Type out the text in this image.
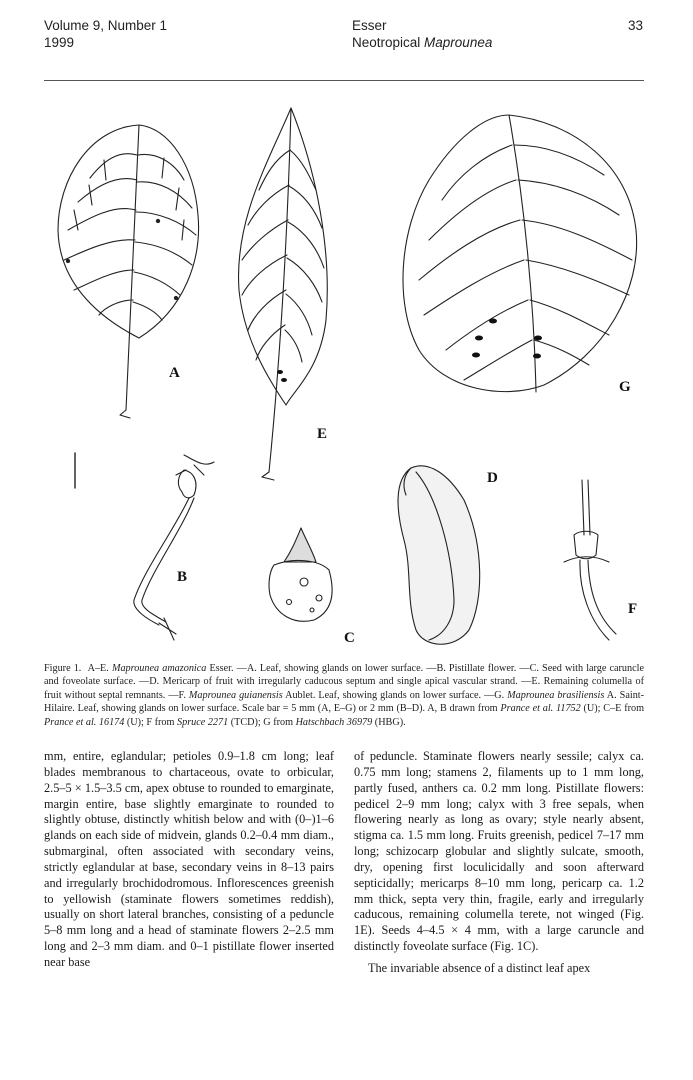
Volume 9, Number 1
1999
Esser
Neotropical Maprounea
33
A
E
G
B
C
D
F
Figure 1.  A–E. Maprounea amazonica Esser. —A. Leaf, showing glands on lower surface. —B. Pistillate flower. —C. Seed with large caruncle and foveolate surface. —D. Mericarp of fruit with irregularly caducous septum and single apical vascular strand. —E. Remaining columella of fruit without septal remnants. —F. Maprounea guianensis Aublet. Leaf, showing glands on lower surface. —G. Maprounea brasiliensis A. Saint-Hilaire. Leaf, showing glands on lower surface. Scale bar = 5 mm (A, E–G) or 2 mm (B–D). A, B drawn from Prance et al. 11752 (U); C–E from Prance et al. 16174 (U); F from Spruce 2271 (TCD); G from Hatschbach 36979 (HBG).

mm, entire, eglandular; petioles 0.9–1.8 cm long; leaf blades membranous to chartaceous, ovate to orbicular, 2.5–5 × 1.5–3.5 cm, apex obtuse to rounded to emarginate, margin entire, base slightly emarginate to rounded to slightly obtuse, distinctly whitish below and with (0–)1–6 glands on each side of midvein, glands 0.2–0.4 mm diam., submarginal, often associated with secondary veins, strictly eglandular at base, secondary veins in 8–13 pairs and irregularly brochidodromous. Inflorescences greenish to yellowish (staminate flowers sometimes reddish), usually on short lateral branches, consisting of a peduncle 5–8 mm long and a head of staminate flowers 2–2.5 mm long and 2–3 mm diam. and 0–1 pistillate flower inserted near base

of peduncle. Staminate flowers nearly sessile; calyx ca. 0.75 mm long; stamens 2, filaments up to 1 mm long, partly fused, anthers ca. 0.2 mm long. Pistillate flowers: pedicel 2–9 mm long; calyx with 3 free sepals, when flowering nearly as long as ovary; style nearly absent, stigma ca. 1.5 mm long. Fruits greenish, pedicel 7–17 mm long; schizocarp globular and slightly sulcate, smooth, dry, opening first loculicidally and soon afterward septicidally; mericarps 8–10 mm long, pericarp ca. 1.2 mm thick, septa very thin, fragile, early and irregularly caducous, remaining columella terete, not winged (Fig. 1E). Seeds 4–4.5 × 4 mm, with a large caruncle and distinctly foveolate surface (Fig. 1C).

The invariable absence of a distinct leaf apex
